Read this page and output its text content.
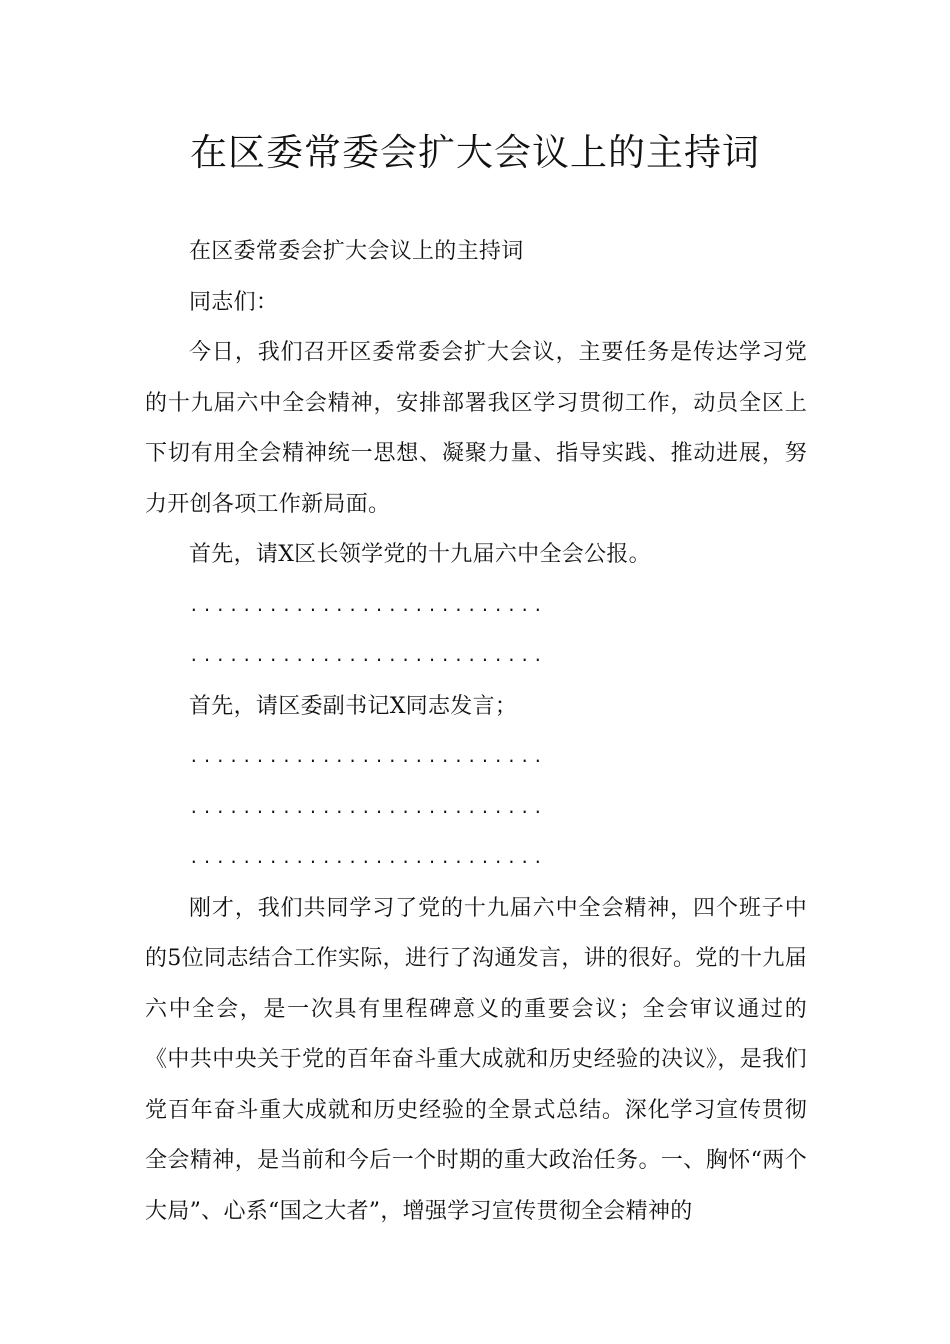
在区委常委会扩大会议上的主持词

在区委常委会扩大会议上的主持词

同志们：

今日，我们召开区委常委会扩大会议，主要任务是传达学习党的十九届六中全会精神，安排部署我区学习贯彻工作，动员全区上下切有用全会精神统一思想、凝聚力量、指导实践、推动进展，努力开创各项工作新局面。

首先，请X区长领学党的十九届六中全会公报。

...........................

...........................

首先，请区委副书记X同志发言；

...........................

...........................

...........................

刚才，我们共同学习了党的十九届六中全会精神，四个班子中的5位同志结合工作实际，进行了沟通发言，讲的很好。党的十九届六中全会，是一次具有里程碑意义的重要会议；全会审议通过的《中共中央关于党的百年奋斗重大成就和历史经验的决议》，是我们党百年奋斗重大成就和历史经验的全景式总结。深化学习宣传贯彻全会精神，是当前和今后一个时期的重大政治任务。一、胸怀“两个大局”、心系“国之大者”，增强学习宣传贯彻全会精神的
